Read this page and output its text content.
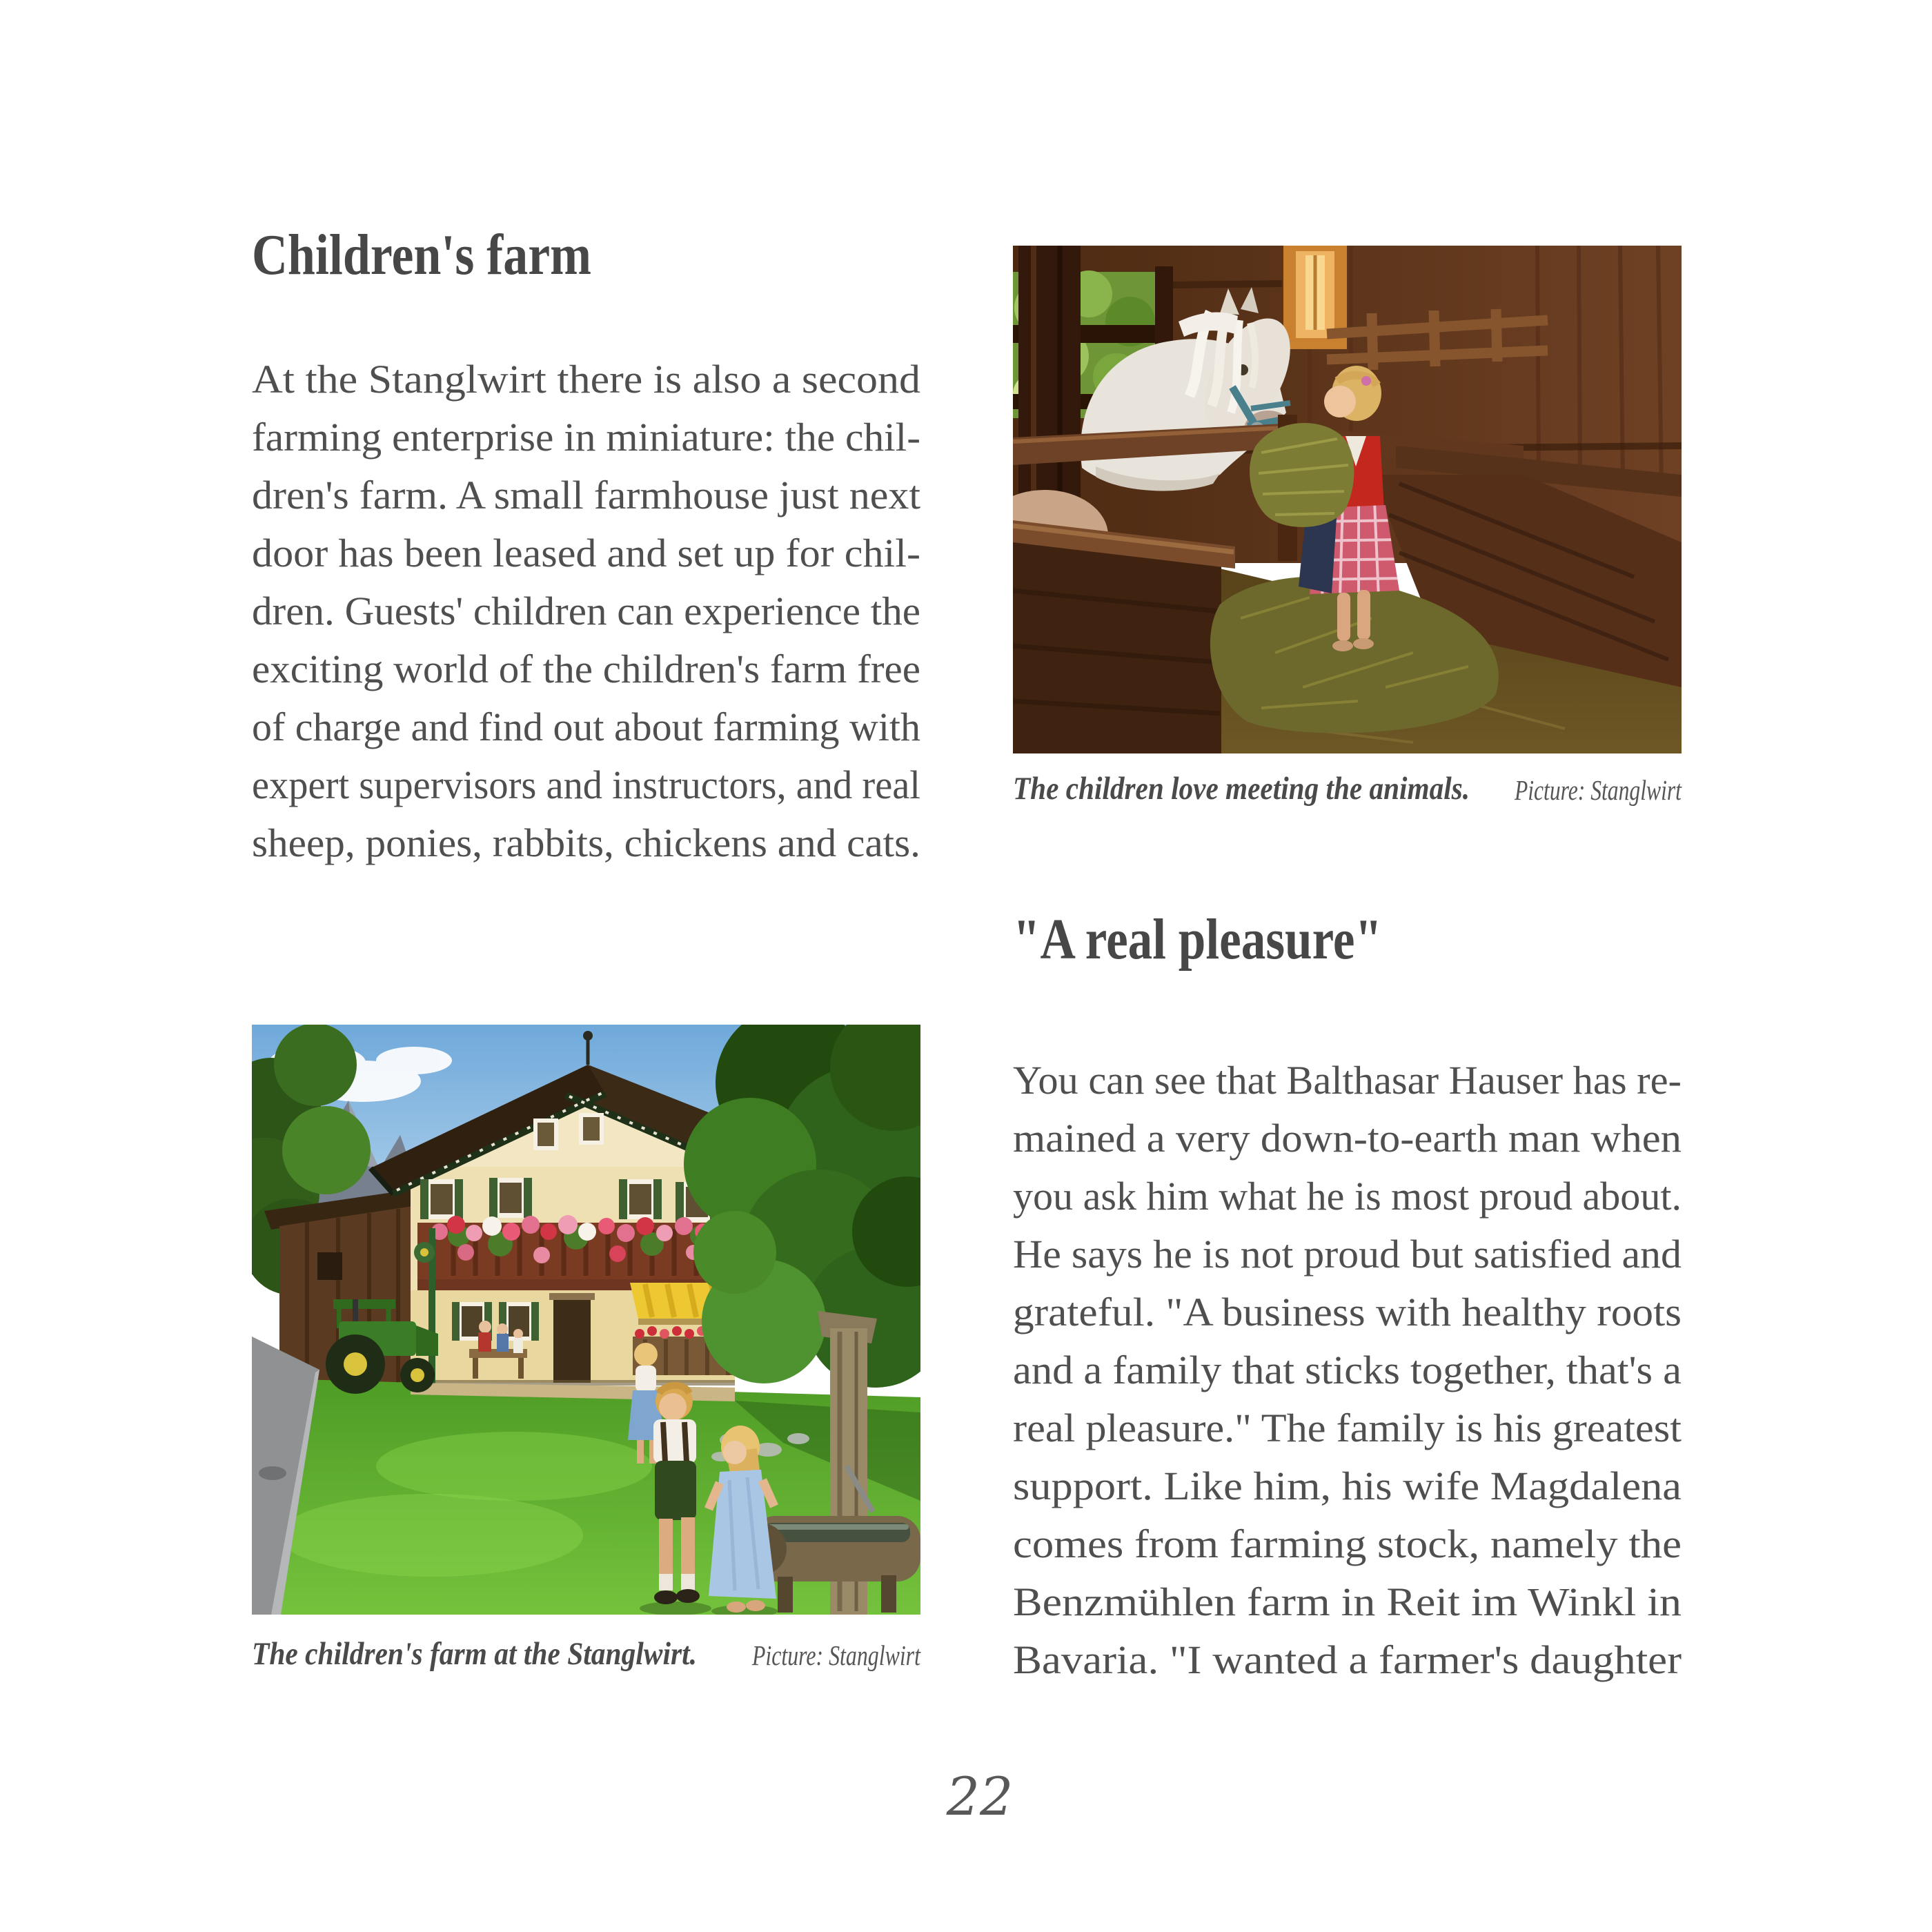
Children's farm
At the Stanglwirt there is also a second
farming enterprise in miniature: the chil-
dren's farm. A small farmhouse just next
door has been leased and set up for chil-
dren. Guests' children can experience the
exciting world of the children's farm free
of charge and find out about farming with
expert supervisors and instructors, and real
sheep, ponies, rabbits, chickens and cats.
The children love meeting the animals.	Picture: Stanglwirt
"A real pleasure"
You can see that Balthasar Hauser has re-
mained a very down-to-earth man when
you ask him what he is most proud about.
He says he is not proud but satisfied and
grateful. "A business with healthy roots
and a family that sticks together, that's a
real pleasure." The family is his greatest
support. Like him, his wife Magdalena
comes from farming stock, namely the
Benzmühlen farm in Reit im Winkl in
Bavaria. "I wanted a farmer's daughter
The children's farm at the Stanglwirt.	Picture: Stanglwirt
22
